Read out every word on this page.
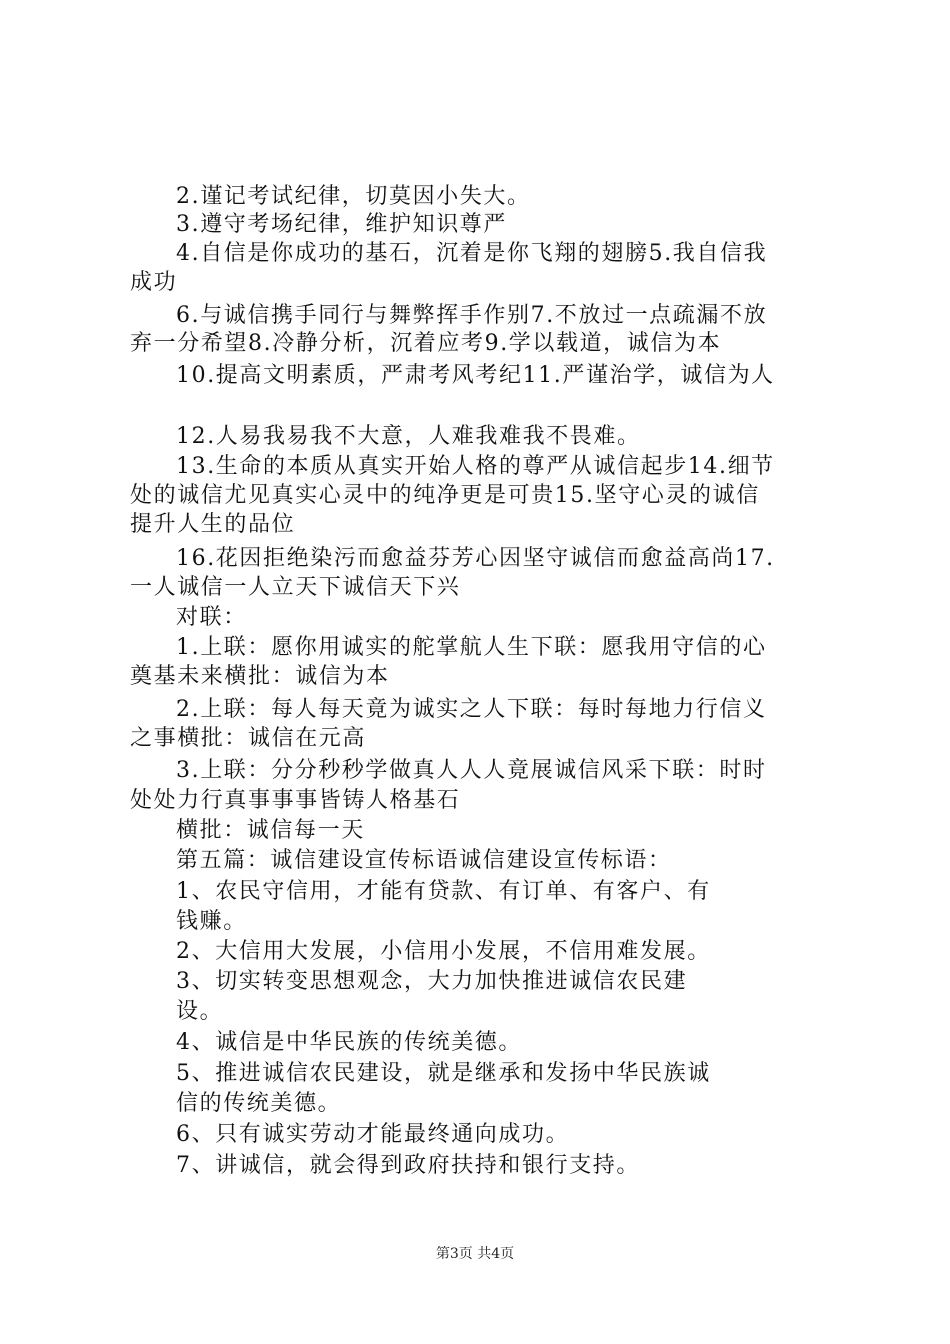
2.谨记考试纪律，切莫因小失大。
3.遵守考场纪律，维护知识尊严
4.自信是你成功的基石，沉着是你飞翔的翅膀5.我自信我
成功
6.与诚信携手同行与舞弊挥手作别7.不放过一点疏漏不放
弃一分希望8.冷静分析，沉着应考9.学以载道，诚信为本
10.提高文明素质，严肃考风考纪11.严谨治学，诚信为人
12.人易我易我不大意，人难我难我不畏难。
13.生命的本质从真实开始人格的尊严从诚信起步14.细节
处的诚信尤见真实心灵中的纯净更是可贵15.坚守心灵的诚信
提升人生的品位
16.花因拒绝染污而愈益芬芳心因坚守诚信而愈益高尚17.
一人诚信一人立天下诚信天下兴
对联：
1.上联：愿你用诚实的舵掌航人生下联：愿我用守信的心
奠基未来横批：诚信为本
2.上联：每人每天竟为诚实之人下联：每时每地力行信义
之事横批：诚信在元高
3.上联：分分秒秒学做真人人人竟展诚信风采下联：时时
处处力行真事事事皆铸人格基石
横批：诚信每一天
第五篇：诚信建设宣传标语诚信建设宣传标语：
1、农民守信用，才能有贷款、有订单、有客户、有
钱赚。
2、大信用大发展，小信用小发展，不信用难发展。
3、切实转变思想观念，大力加快推进诚信农民建
设。
4、诚信是中华民族的传统美德。
5、推进诚信农民建设，就是继承和发扬中华民族诚
信的传统美德。
6、只有诚实劳动才能最终通向成功。
7、讲诚信，就会得到政府扶持和银行支持。
第3页 共4页
